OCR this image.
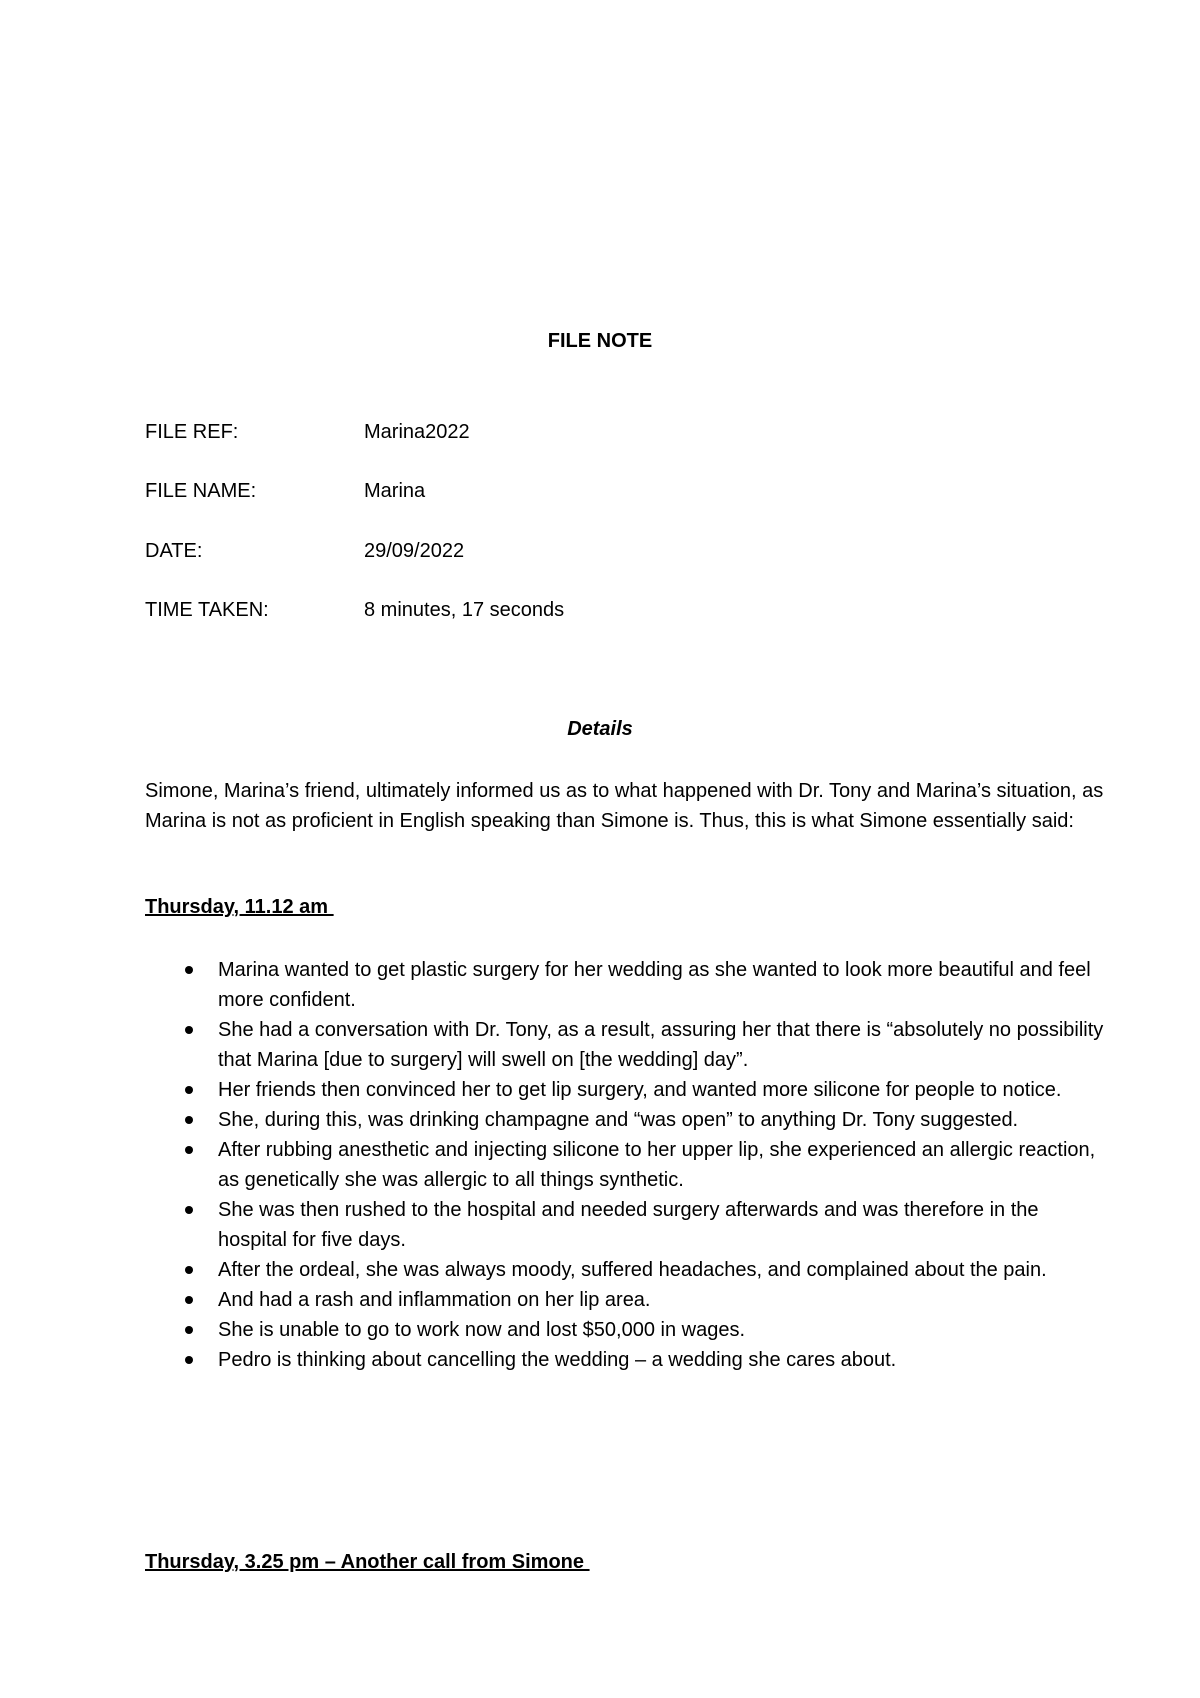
FILE NOTE
FILE REF:	Marina2022
FILE NAME:	Marina
DATE:	29/09/2022
TIME TAKEN:	8 minutes, 17 seconds
Details

Simone, Marina’s friend, ultimately informed us as to what happened with Dr. Tony and Marina’s situation, as Marina is not as proficient in English speaking than Simone is. Thus, this is what Simone essentially said:

Thursday, 11.12 am
Marina wanted to get plastic surgery for her wedding as she wanted to look more beautiful and feel more confident.
She had a conversation with Dr. Tony, as a result, assuring her that there is “absolutely no possibility that Marina [due to surgery] will swell on [the wedding] day”.
Her friends then convinced her to get lip surgery, and wanted more silicone for people to notice.
She, during this, was drinking champagne and “was open” to anything Dr. Tony suggested.
After rubbing anesthetic and injecting silicone to her upper lip, she experienced an allergic reaction, as genetically she was allergic to all things synthetic.
She was then rushed to the hospital and needed surgery afterwards and was therefore in the hospital for five days.
After the ordeal, she was always moody, suffered headaches, and complained about the pain.
And had a rash and inflammation on her lip area.
She is unable to go to work now and lost $50,000 in wages.
Pedro is thinking about cancelling the wedding – a wedding she cares about.
Thursday, 3.25 pm – Another call from Simone
